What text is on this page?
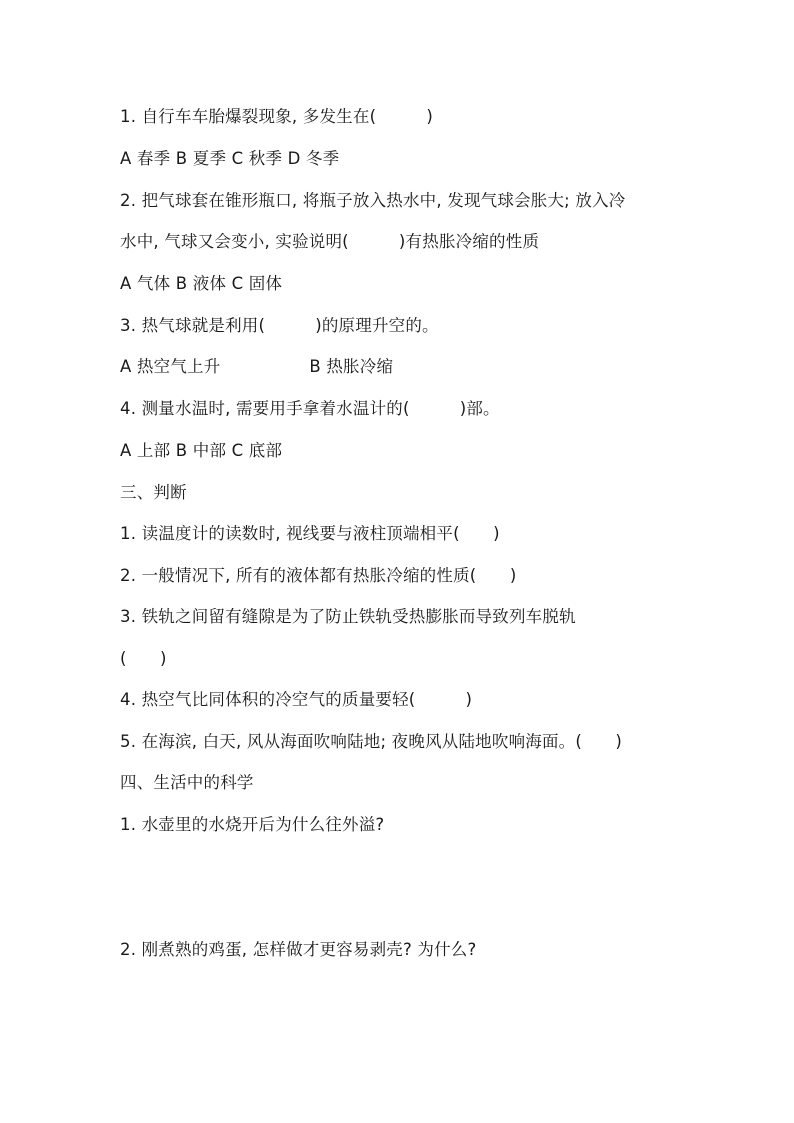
1. 自行车车胎爆裂现象, 多发生在(　　　)
A 春季 B 夏季 C 秋季 D 冬季
2. 把气球套在锥形瓶口, 将瓶子放入热水中, 发现气球会胀大; 放入冷
水中, 气球又会变小, 实验说明(　　　)有热胀冷缩的性质
A 气体 B 液体 C 固体
3. 热气球就是利用(　　　)的原理升空的。
A 热空气上升　　　　　 B 热胀冷缩
4. 测量水温时, 需要用手拿着水温计的(　　　)部。
A 上部 B 中部 C 底部
三、判断
1. 读温度计的读数时, 视线要与液柱顶端相平(　　)
2. 一般情况下, 所有的液体都有热胀冷缩的性质(　　)
3. 铁轨之间留有缝隙是为了防止铁轨受热膨胀而导致列车脱轨
(　　)
4. 热空气比同体积的冷空气的质量要轻(　　　)
5. 在海滨, 白天, 风从海面吹响陆地; 夜晚风从陆地吹响海面。(　　)
四、生活中的科学
1. 水壶里的水烧开后为什么往外溢?
2. 刚煮熟的鸡蛋, 怎样做才更容易剥壳? 为什么?
